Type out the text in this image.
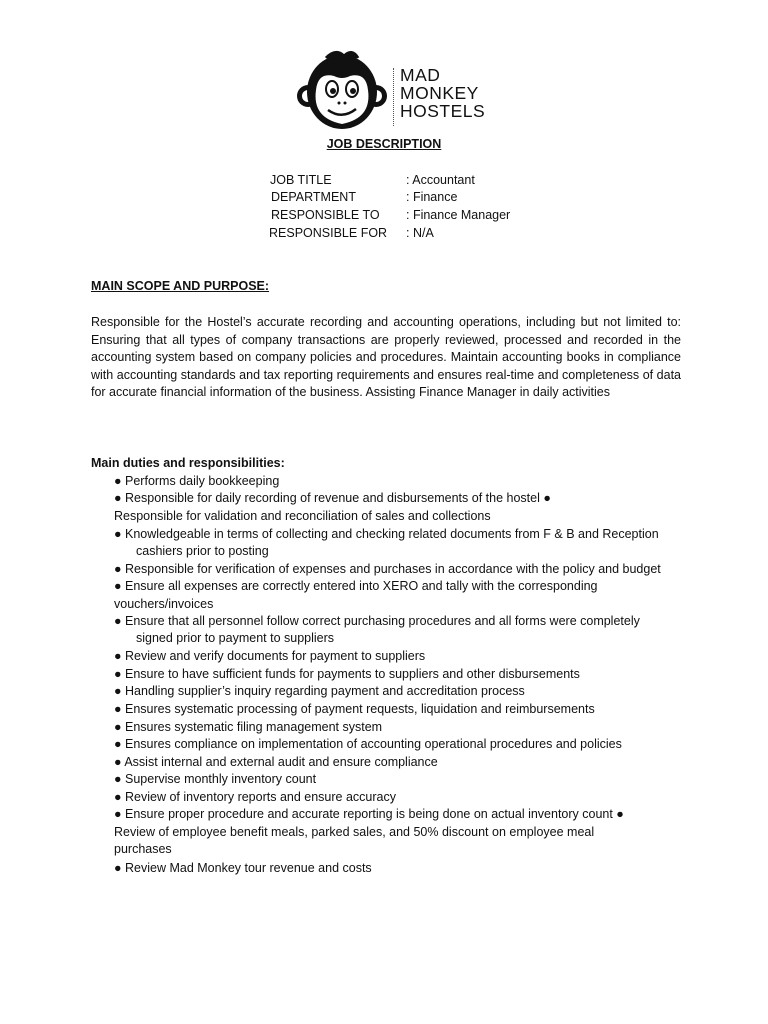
MAD
MONKEY
HOSTELS
JOB DESCRIPTION
JOB TITLE	: Accountant
DEPARTMENT	: Finance
RESPONSIBLE TO : Finance Manager
RESPONSIBLE FOR : N/A
MAIN SCOPE AND PURPOSE:
Responsible for the Hostel’s accurate recording and accounting operations, including but not limited to: Ensuring that all types of company transactions are properly reviewed, processed and recorded in the accounting system based on company policies and procedures. Maintain accounting books in compliance with accounting standards and tax reporting requirements and ensures real-time and completeness of data for accurate financial information of the business. Assisting Finance Manager in daily activities
Main duties and responsibilities:
● Performs daily bookkeeping
● Responsible for daily recording of revenue and disbursements of the hostel ●
Responsible for validation and reconciliation of sales and collections
● Knowledgeable in terms of collecting and checking related documents from F & B and Reception
cashiers prior to posting
● Responsible for verification of expenses and purchases in accordance with the policy and budget
● Ensure all expenses are correctly entered into XERO and tally with the corresponding
vouchers/invoices
● Ensure that all personnel follow correct purchasing procedures and all forms were completely
signed prior to payment to suppliers
● Review and verify documents for payment to suppliers
● Ensure to have sufficient funds for payments to suppliers and other disbursements
● Handling supplier’s inquiry regarding payment and accreditation process
● Ensures systematic processing of payment requests, liquidation and reimbursements
● Ensures systematic filing management system
● Ensures compliance on implementation of accounting operational procedures and policies
● Assist internal and external audit and ensure compliance
● Supervise monthly inventory count
● Review of inventory reports and ensure accuracy
● Ensure proper procedure and accurate reporting is being done on actual inventory count ●
Review of employee benefit meals, parked sales, and 50% discount on employee meal
purchases
● Review Mad Monkey tour revenue and costs
